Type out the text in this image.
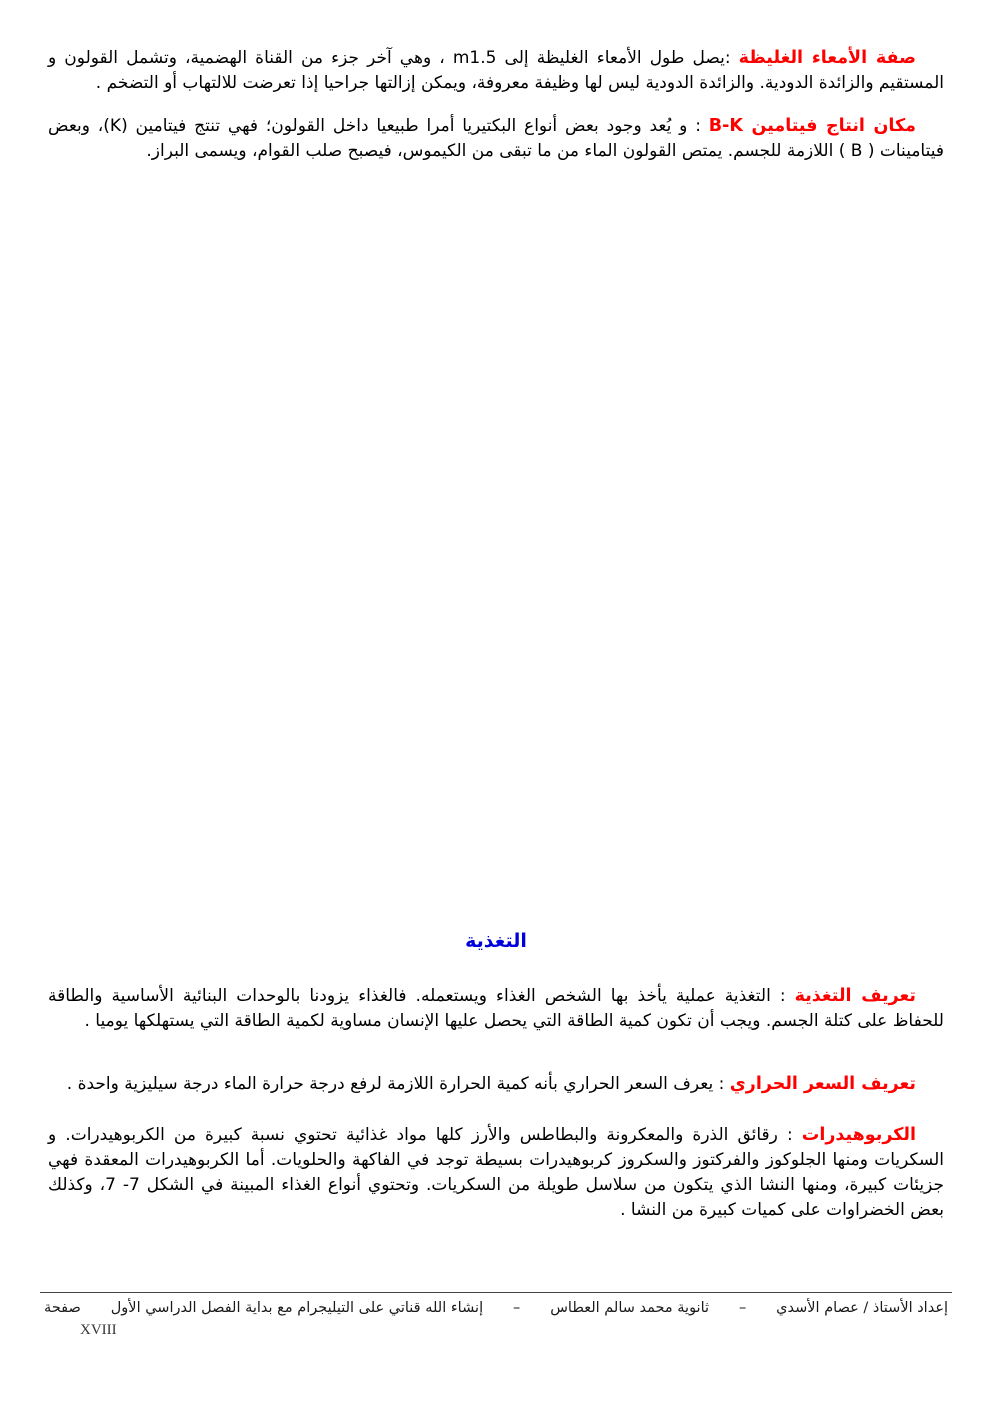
صفة الأمعاء الغليظة :يصل طول الأمعاء الغليظة إلى m1.5 ، وهي آخر جزء من القناة الهضمية، وتشمل القولون و المستقيم والزائدة الدودية. والزائدة الدودية ليس لها وظيفة معروفة، ويمكن إزالتها جراحيا إذا تعرضت للالتهاب أو التضخم .

مكان انتاج فيتامين B-K : و يُعد وجود بعض أنواع البكتيريا أمرا طبيعيا داخل القولون؛ فهي تنتج فيتامين (K)، وبعض فيتامينات ( B ) اللازمة للجسم. يمتص القولون الماء من ما تبقى من الكيموس، فيصبح صلب القوام، ويسمى البراز.

التغذية

تعريف التغذية : التغذية عملية يأخذ بها الشخص الغذاء ويستعمله. فالغذاء يزودنا بالوحدات البنائية الأساسية والطاقة للحفاظ على كتلة الجسم. ويجب أن تكون كمية الطاقة التي يحصل عليها الإنسان مساوية لكمية الطاقة التي يستهلكها يوميا .

تعريف السعر الحراري : يعرف السعر الحراري بأنه كمية الحرارة اللازمة لرفع درجة حرارة الماء درجة سيليزية واحدة .

الكربوهيدرات : رقائق الذرة والمعكرونة والبطاطس والأرز كلها مواد غذائية تحتوي نسبة كبيرة من الكربوهيدرات. و السكريات ومنها الجلوكوز والفركتوز والسكروز كربوهيدرات بسيطة توجد في الفاكهة والحلويات. أما الكربوهيدرات المعقدة فهي جزيئات كبيرة، ومنها النشا الذي يتكون من سلاسل طويلة من السكريات. وتحتوي أنواع الغذاء المبينة في الشكل 7- 7، وكذلك بعض الخضراوات على كميات كبيرة من النشا .

إعداد الأستاذ / عصام الأسدي
–
ثانوية محمد سالم العطاس
–
إنشاء الله قناتي على التيليجرام مع بداية الفصل الدراسي الأول
صفحة
XVIII
